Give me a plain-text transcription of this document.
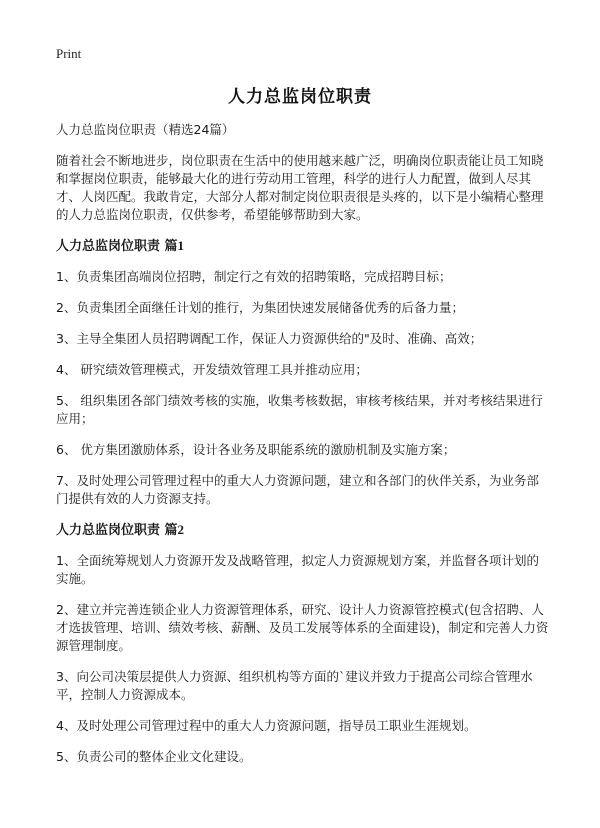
Print
人力总监岗位职责

人力总监岗位职责（精选24篇）

随着社会不断地进步，岗位职责在生活中的使用越来越广泛，明确岗位职责能让员工知晓和掌握岗位职责，能够最大化的进行劳动用工管理，科学的进行人力配置，做到人尽其才、人岗匹配。我敢肯定，大部分人都对制定岗位职责很是头疼的，以下是小编精心整理的人力总监岗位职责，仅供参考，希望能够帮助到大家。

人力总监岗位职责 篇1

1、负责集团高端岗位招聘，制定行之有效的招聘策略，完成招聘目标；

2、负责集团全面继任计划的推行，为集团快速发展储备优秀的后备力量；

3、主导全集团人员招聘调配工作，保证人力资源供给的"及时、准确、高效；

4、 研究绩效管理模式，开发绩效管理工具并推动应用；

5、 组织集团各部门绩效考核的实施，收集考核数据，审核考核结果，并对考核结果进行应用；

6、 优方集团激励体系，设计各业务及职能系统的激励机制及实施方案；

7、及时处理公司管理过程中的重大人力资源问题，建立和各部门的伙伴关系，为业务部门提供有效的人力资源支持。

人力总监岗位职责 篇2

1、全面统筹规划人力资源开发及战略管理，拟定人力资源规划方案，并监督各项计划的实施。

2、建立并完善连锁企业人力资源管理体系，研究、设计人力资源管控模式(包含招聘、人才选拔管理、培训、绩效考核、薪酬、及员工发展等体系的全面建设)，制定和完善人力资源管理制度。

3、向公司决策层提供人力资源、组织机构等方面的`建议并致力于提高公司综合管理水平，控制人力资源成本。

4、及时处理公司管理过程中的重大人力资源问题，指导员工职业生涯规划。

5、负责公司的整体企业文化建设。
